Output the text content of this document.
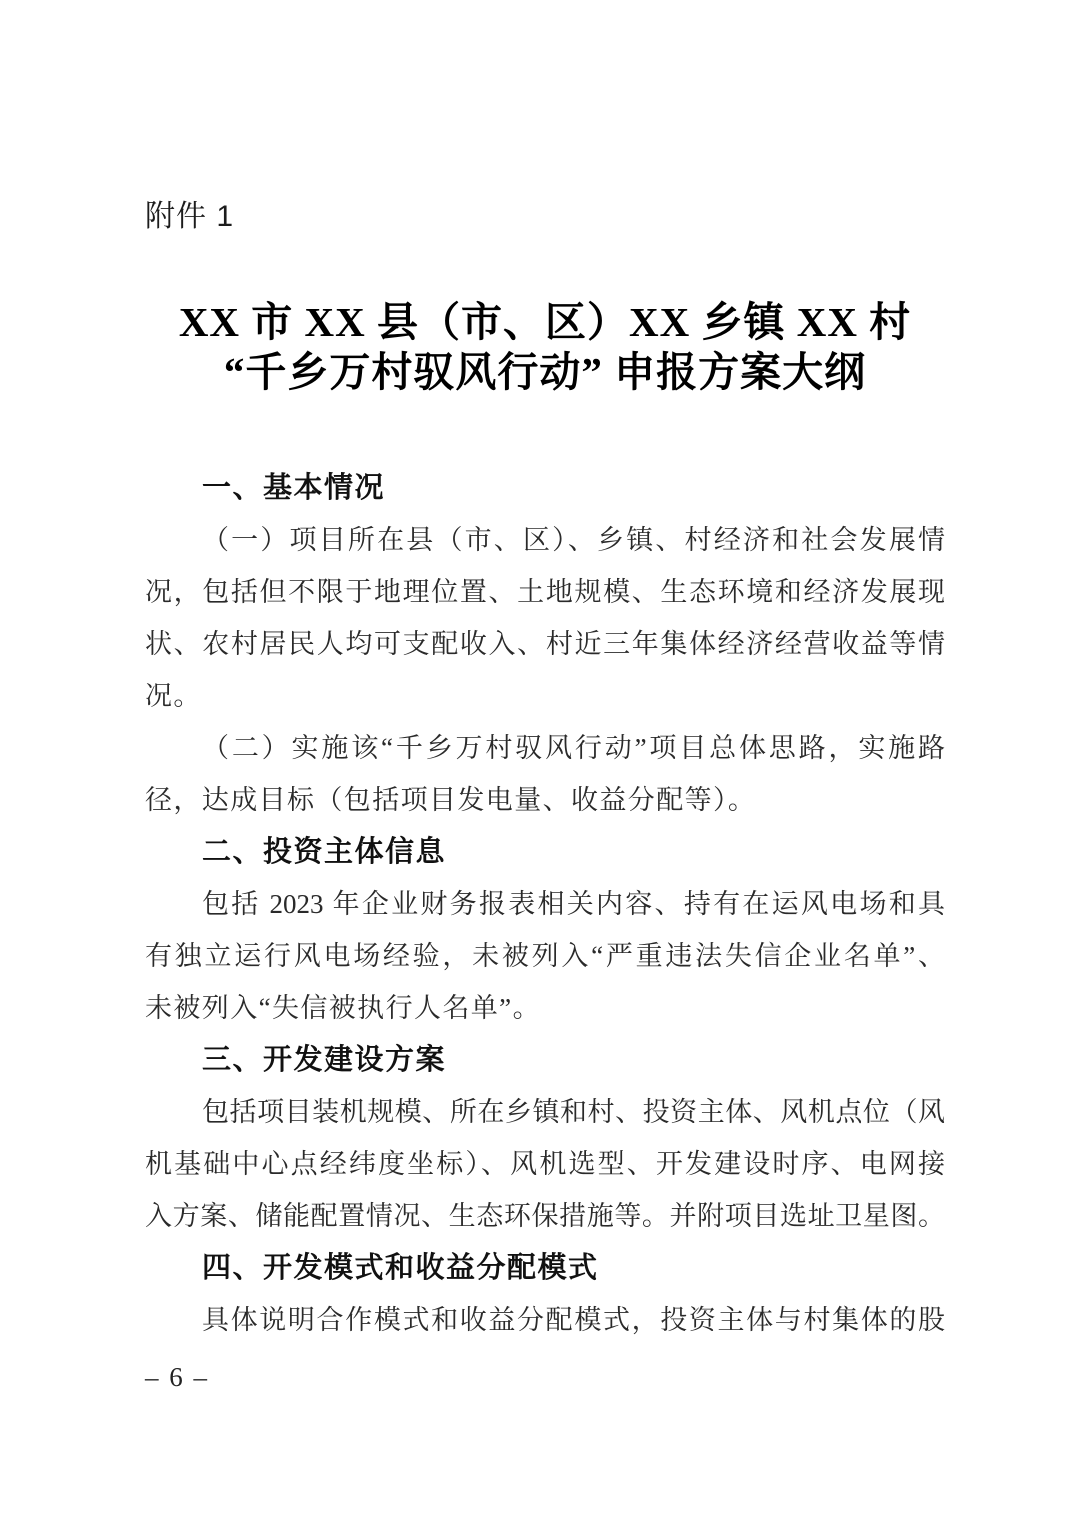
附件 1
XX 市 XX 县（市、区）XX 乡镇 XX 村
“千乡万村驭风行动” 申报方案大纲
一、基本情况
（一）项目所在县（市、区）、乡镇、村经济和社会发展情
况，包括但不限于地理位置、土地规模、生态环境和经济发展现
状、农村居民人均可支配收入、村近三年集体经济经营收益等情
况。
（二）实施该“千乡万村驭风行动”项目总体思路，实施路
径，达成目标（包括项目发电量、收益分配等）。
二、投资主体信息
包括 2023 年企业财务报表相关内容、持有在运风电场和具
有独立运行风电场经验，未被列入“严重违法失信企业名单”、
未被列入“失信被执行人名单”。
三、开发建设方案
包括项目装机规模、所在乡镇和村、投资主体、风机点位（风
机基础中心点经纬度坐标）、风机选型、开发建设时序、电网接
入方案、储能配置情况、生态环保措施等。并附项目选址卫星图。
四、开发模式和收益分配模式
具体说明合作模式和收益分配模式，投资主体与村集体的股
– 6 –
